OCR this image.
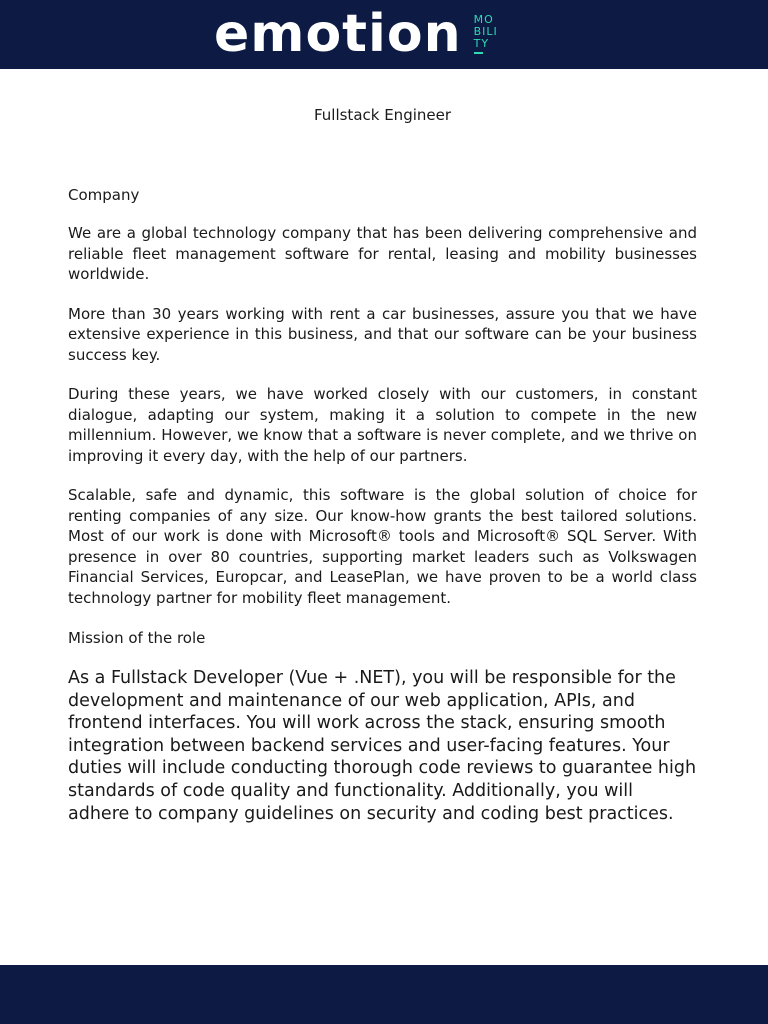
emotion MO
BILI
TY

Fullstack Engineer

Company

We are a global technology company that has been delivering comprehensive and reliable fleet management software for rental, leasing and mobility businesses worldwide.

More than 30 years working with rent a car businesses, assure you that we have extensive experience in this business, and that our software can be your business success key.

During these years, we have worked closely with our customers, in constant dialogue, adapting our system, making it a solution to compete in the new millennium. However, we know that a software is never complete, and we thrive on improving it every day, with the help of our partners.

Scalable, safe and dynamic, this software is the global solution of choice for renting companies of any size. Our know-how grants the best tailored solutions. Most of our work is done with Microsoft® tools and Microsoft® SQL Server. With presence in over 80 countries, supporting market leaders such as Volkswagen Financial Services, Europcar, and LeasePlan, we have proven to be a world class technology partner for mobility fleet management.

Mission of the role

As a Fullstack Developer (Vue + .NET), you will be responsible for the development and maintenance of our web application, APIs, and frontend interfaces. You will work across the stack, ensuring smooth integration between backend services and user-facing features. Your duties will include conducting thorough code reviews to guarantee high standards of code quality and functionality. Additionally, you will adhere to company guidelines on security and coding best practices.
